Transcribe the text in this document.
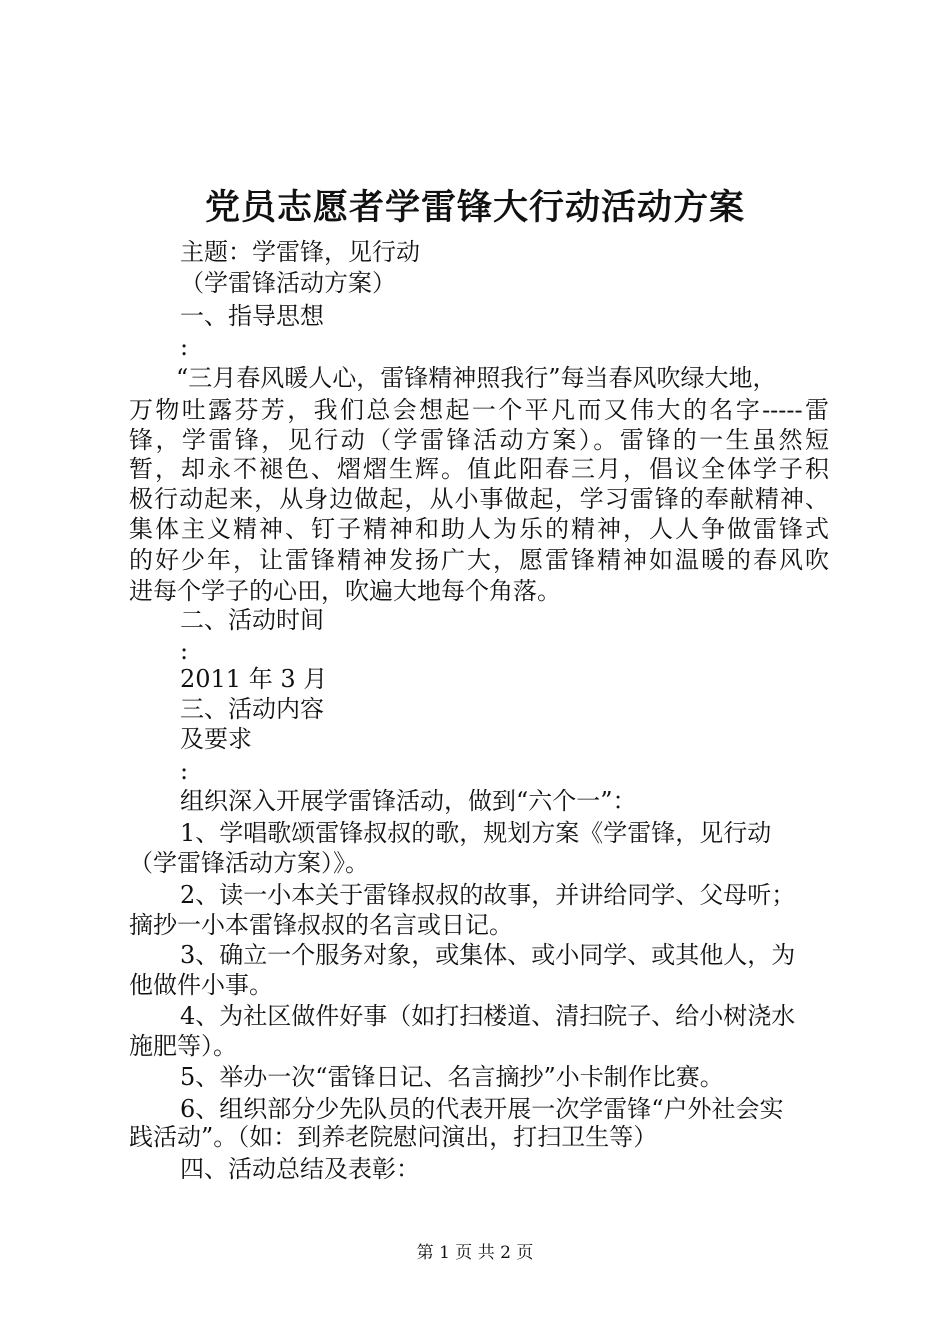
党员志愿者学雷锋大行动活动方案
主题：学雷锋，见行动
（学雷锋活动方案）
一、指导思想
:
“三月春风暖人心，雷锋精神照我行”每当春风吹绿大地，
万物吐露芬芳，我们总会想起一个平凡而又伟大的名字-----雷
锋，学雷锋，见行动（学雷锋活动方案）。雷锋的一生虽然短
暂，却永不褪色、熠熠生辉。值此阳春三月，倡议全体学子积
极行动起来，从身边做起，从小事做起，学习雷锋的奉献精神、
集体主义精神、钉子精神和助人为乐的精神，人人争做雷锋式
的好少年，让雷锋精神发扬广大，愿雷锋精神如温暖的春风吹
进每个学子的心田，吹遍大地每个角落。
二、活动时间
:
2011 年 3 月
三、活动内容
及要求
:
组织深入开展学雷锋活动，做到“六个一”：
1、学唱歌颂雷锋叔叔的歌，规划方案《学雷锋，见行动
（学雷锋活动方案）》。
2、读一小本关于雷锋叔叔的故事，并讲给同学、父母听；
摘抄一小本雷锋叔叔的名言或日记。
3、确立一个服务对象，或集体、或小同学、或其他人，为
他做件小事。
4、为社区做件好事（如打扫楼道、清扫院子、给小树浇水
施肥等）。
5、举办一次“雷锋日记、名言摘抄”小卡制作比赛。
6、组织部分少先队员的代表开展一次学雷锋“户外社会实
践活动”。（如：到养老院慰问演出，打扫卫生等）
四、活动总结及表彰：
第 1 页 共 2 页
